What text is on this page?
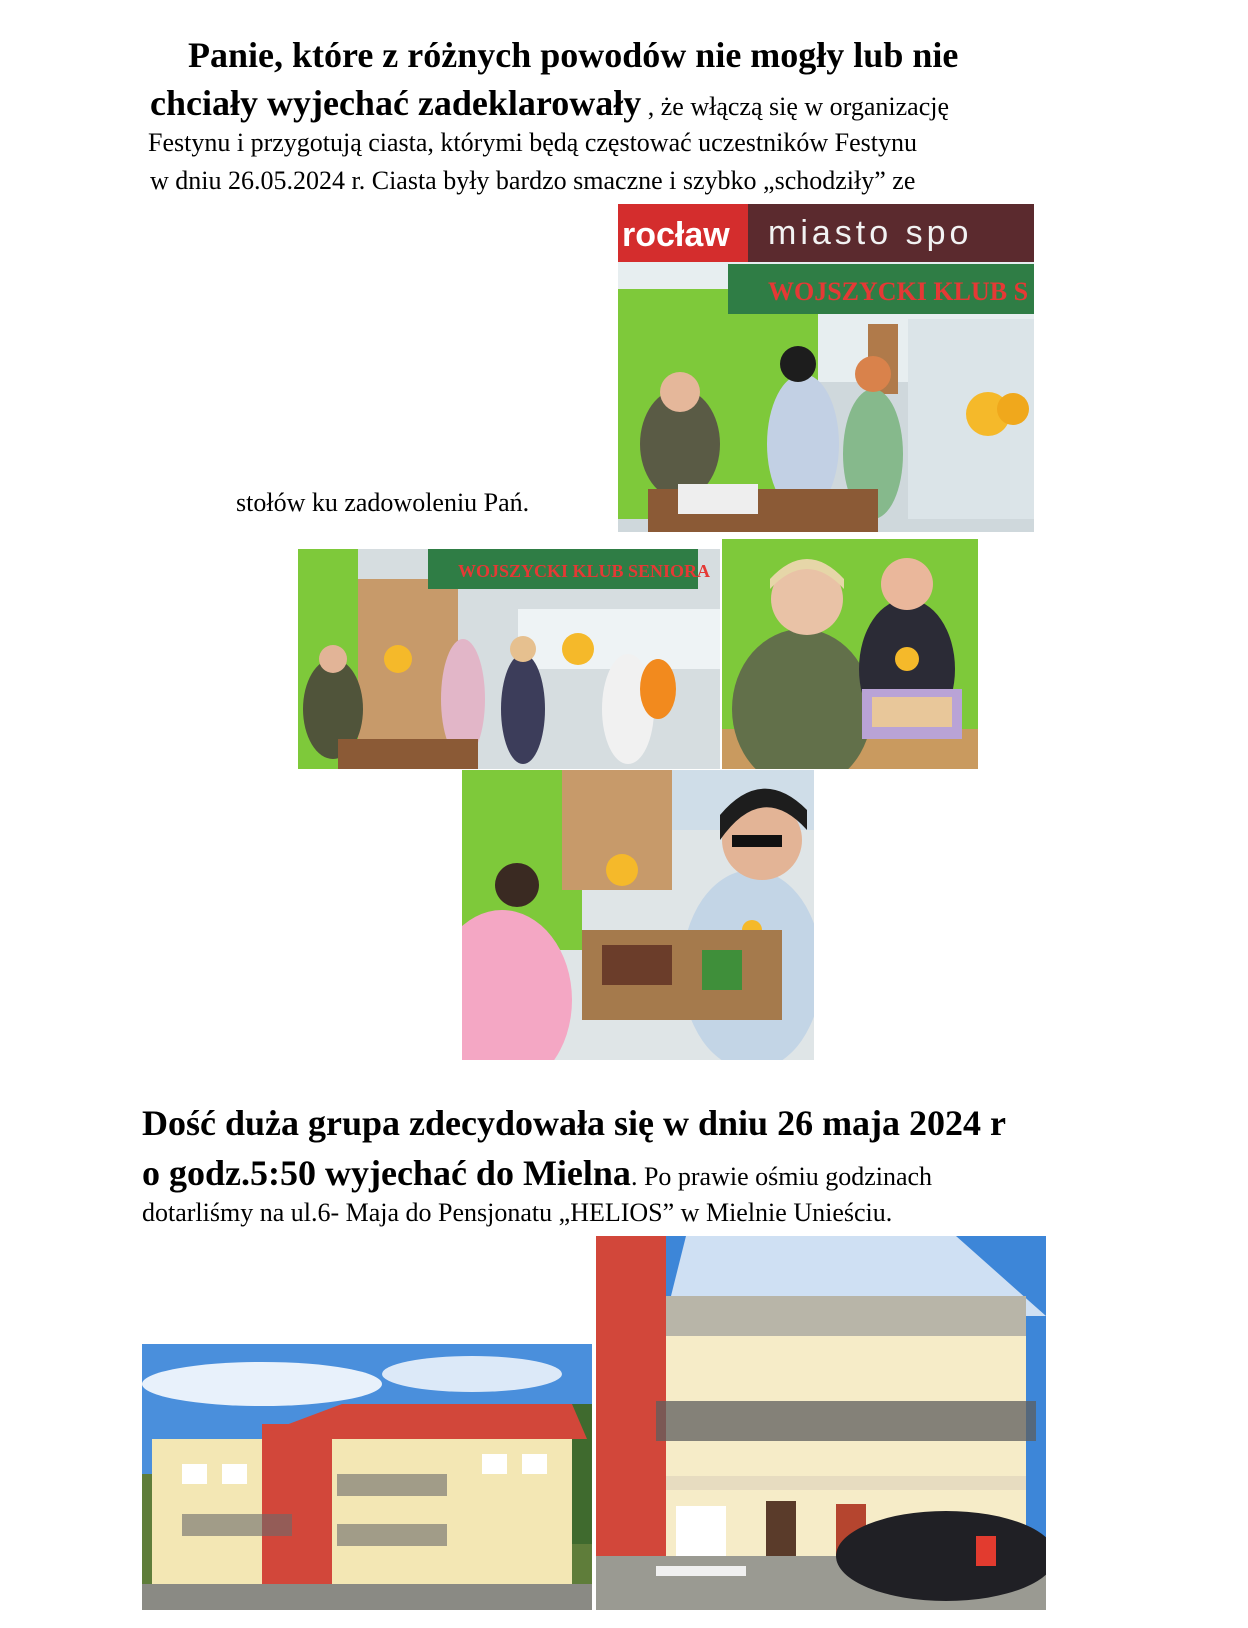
Panie, które z różnych powodów nie mogły lub nie

chciały wyjechać zadeklarowały , że włączą się w organizację

Festynu i przygotują ciasta, którymi będą częstować uczestników Festynu

w dniu 26.05.2024 r. Ciasta były bardzo smaczne i szybko „schodziły” ze

stołów ku zadowoleniu Pań.

rocław miasto spo
WOJSZYCKI KLUB S
WOJSZYCKI KLUB SENIORA

Dość duża grupa zdecydowała się w dniu 26 maja 2024 r

o godz.5:50 wyjechać do Mielna. Po prawie ośmiu godzinach

dotarliśmy na ul.6- Maja do Pensjonatu „HELIOS” w Mielnie Unieściu.
